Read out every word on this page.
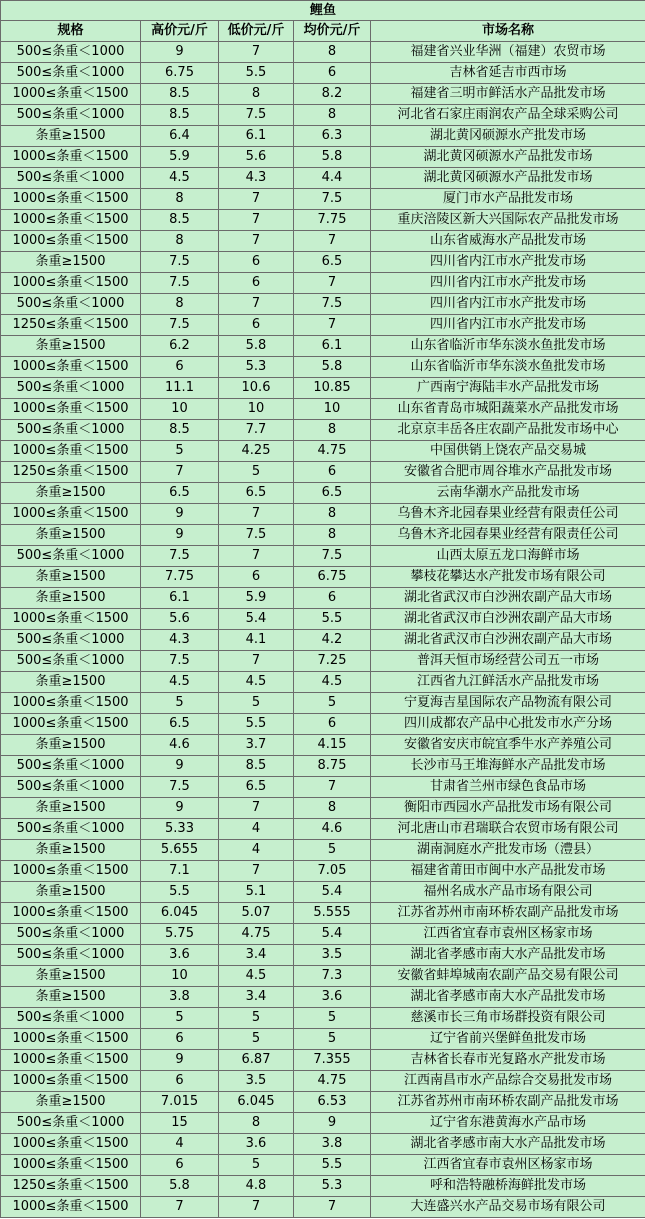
鲤鱼				
规格	高价元/斤	低价元/斤	均价元/斤	市场名称
500≤条重＜1000	9	7	8	福建省兴业华洲（福建）农贸市场
500≤条重＜1000	6.75	5.5	6	吉林省延吉市西市场
1000≤条重＜1500	8.5	8	8.2	福建省三明市鲜活水产品批发市场
500≤条重＜1000	8.5	7.5	8	河北省石家庄雨润农产品全球采购公司
条重≥1500	6.4	6.1	6.3	湖北黄冈硕源水产批发市场
1000≤条重＜1500	5.9	5.6	5.8	湖北黄冈硕源水产品批发市场
500≤条重＜1000	4.5	4.3	4.4	湖北黄冈硕源水产品批发市场
1000≤条重＜1500	8	7	7.5	厦门市水产品批发市场
1000≤条重＜1500	8.5	7	7.75	重庆涪陵区新大兴国际农产品批发市场
1000≤条重＜1500	8	7	7	山东省威海水产品批发市场
条重≥1500	7.5	6	6.5	四川省内江市水产批发市场
1000≤条重＜1500	7.5	6	7	四川省内江市水产批发市场
500≤条重＜1000	8	7	7.5	四川省内江市水产批发市场
1250≤条重＜1500	7.5	6	7	四川省内江市水产批发市场
条重≥1500	6.2	5.8	6.1	山东省临沂市华东淡水鱼批发市场
1000≤条重＜1500	6	5.3	5.8	山东省临沂市华东淡水鱼批发市场
500≤条重＜1000	11.1	10.6	10.85	广西南宁海陆丰水产品批发市场
1000≤条重＜1500	10	10	10	山东省青岛市城阳蔬菜水产品批发市场
500≤条重＜1000	8.5	7.7	8	北京京丰岳各庄农副产品批发市场中心
1000≤条重＜1500	5	4.25	4.75	中国供销上饶农产品交易城
1250≤条重＜1500	7	5	6	安徽省合肥市周谷堆水产品批发市场
条重≥1500	6.5	6.5	6.5	云南华潮水产品批发市场
1000≤条重＜1500	9	7	8	乌鲁木齐北园春果业经营有限责任公司
条重≥1500	9	7.5	8	乌鲁木齐北园春果业经营有限责任公司
500≤条重＜1000	7.5	7	7.5	山西太原五龙口海鲜市场
条重≥1500	7.75	6	6.75	攀枝花攀达水产批发市场有限公司
条重≥1500	6.1	5.9	6	湖北省武汉市白沙洲农副产品大市场
1000≤条重＜1500	5.6	5.4	5.5	湖北省武汉市白沙洲农副产品大市场
500≤条重＜1000	4.3	4.1	4.2	湖北省武汉市白沙洲农副产品大市场
500≤条重＜1000	7.5	7	7.25	普洱天恒市场经营公司五一市场
条重≥1500	4.5	4.5	4.5	江西省九江鲜活水产品批发市场
1000≤条重＜1500	5	5	5	宁夏海吉星国际农产品物流有限公司
1000≤条重＜1500	6.5	5.5	6	四川成都农产品中心批发市水产分场
条重≥1500	4.6	3.7	4.15	安徽省安庆市皖宜季牛水产养殖公司
500≤条重＜1000	9	8.5	8.75	长沙市马王堆海鲜水产品批发市场
500≤条重＜1000	7.5	6.5	7	甘肃省兰州市绿色食品市场
条重≥1500	9	7	8	衡阳市西园水产品批发市场有限公司
500≤条重＜1000	5.33	4	4.6	河北唐山市君瑞联合农贸市场有限公司
条重≥1500	5.655	4	5	湖南洞庭水产批发市场（澧县）
1000≤条重＜1500	7.1	7	7.05	福建省莆田市闽中水产品批发市场
条重≥1500	5.5	5.1	5.4	福州名成水产品市场有限公司
1000≤条重＜1500	6.045	5.07	5.555	江苏省苏州市南环桥农副产品批发市场
500≤条重＜1000	5.75	4.75	5.4	江西省宜春市袁州区杨家市场
500≤条重＜1000	3.6	3.4	3.5	湖北省孝感市南大水产品批发市场
条重≥1500	10	4.5	7.3	安徽省蚌埠城南农副产品交易有限公司
条重≥1500	3.8	3.4	3.6	湖北省孝感市南大水产品批发市场
500≤条重＜1000	5	5	5	慈溪市长三角市场群投资有限公司
1000≤条重＜1500	6	5	5	辽宁省前兴堡鲜鱼批发市场
1000≤条重＜1500	9	6.87	7.355	吉林省长春市光复路水产批发市场
1000≤条重＜1500	6	3.5	4.75	江西南昌市水产品综合交易批发市场
条重≥1500	7.015	6.045	6.53	江苏省苏州市南环桥农副产品批发市场
500≤条重＜1000	15	8	9	辽宁省东港黄海水产品市场
1000≤条重＜1500	4	3.6	3.8	湖北省孝感市南大水产品批发市场
1000≤条重＜1500	6	5	5.5	江西省宜春市袁州区杨家市场
1250≤条重＜1500	5.8	4.8	5.3	呼和浩特融桥海鲜批发市场
1000≤条重＜1500	7	7	7	大连盛兴水产品交易市场有限公司
